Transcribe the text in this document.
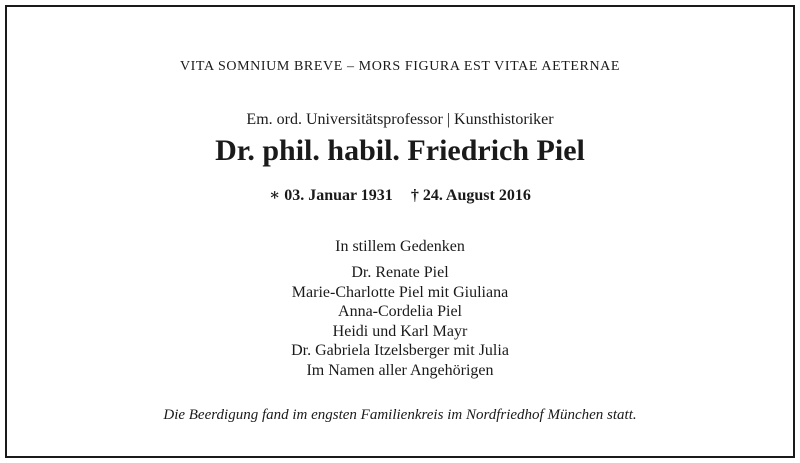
VITA SOMNIUM BREVE – MORS FIGURA EST VITAE AETERNAE
Em. ord. Universitätsprofessor | Kunsthistoriker
Dr. phil. habil. Friedrich Piel
∗ 03. Januar 1931 † 24. August 2016
In stillem Gedenken
Dr. Renate Piel
Marie-Charlotte Piel mit Giuliana
Anna-Cordelia Piel
Heidi und Karl Mayr
Dr. Gabriela Itzelsberger mit Julia
Im Namen aller Angehörigen
Die Beerdigung fand im engsten Familienkreis im Nordfriedhof München statt.
